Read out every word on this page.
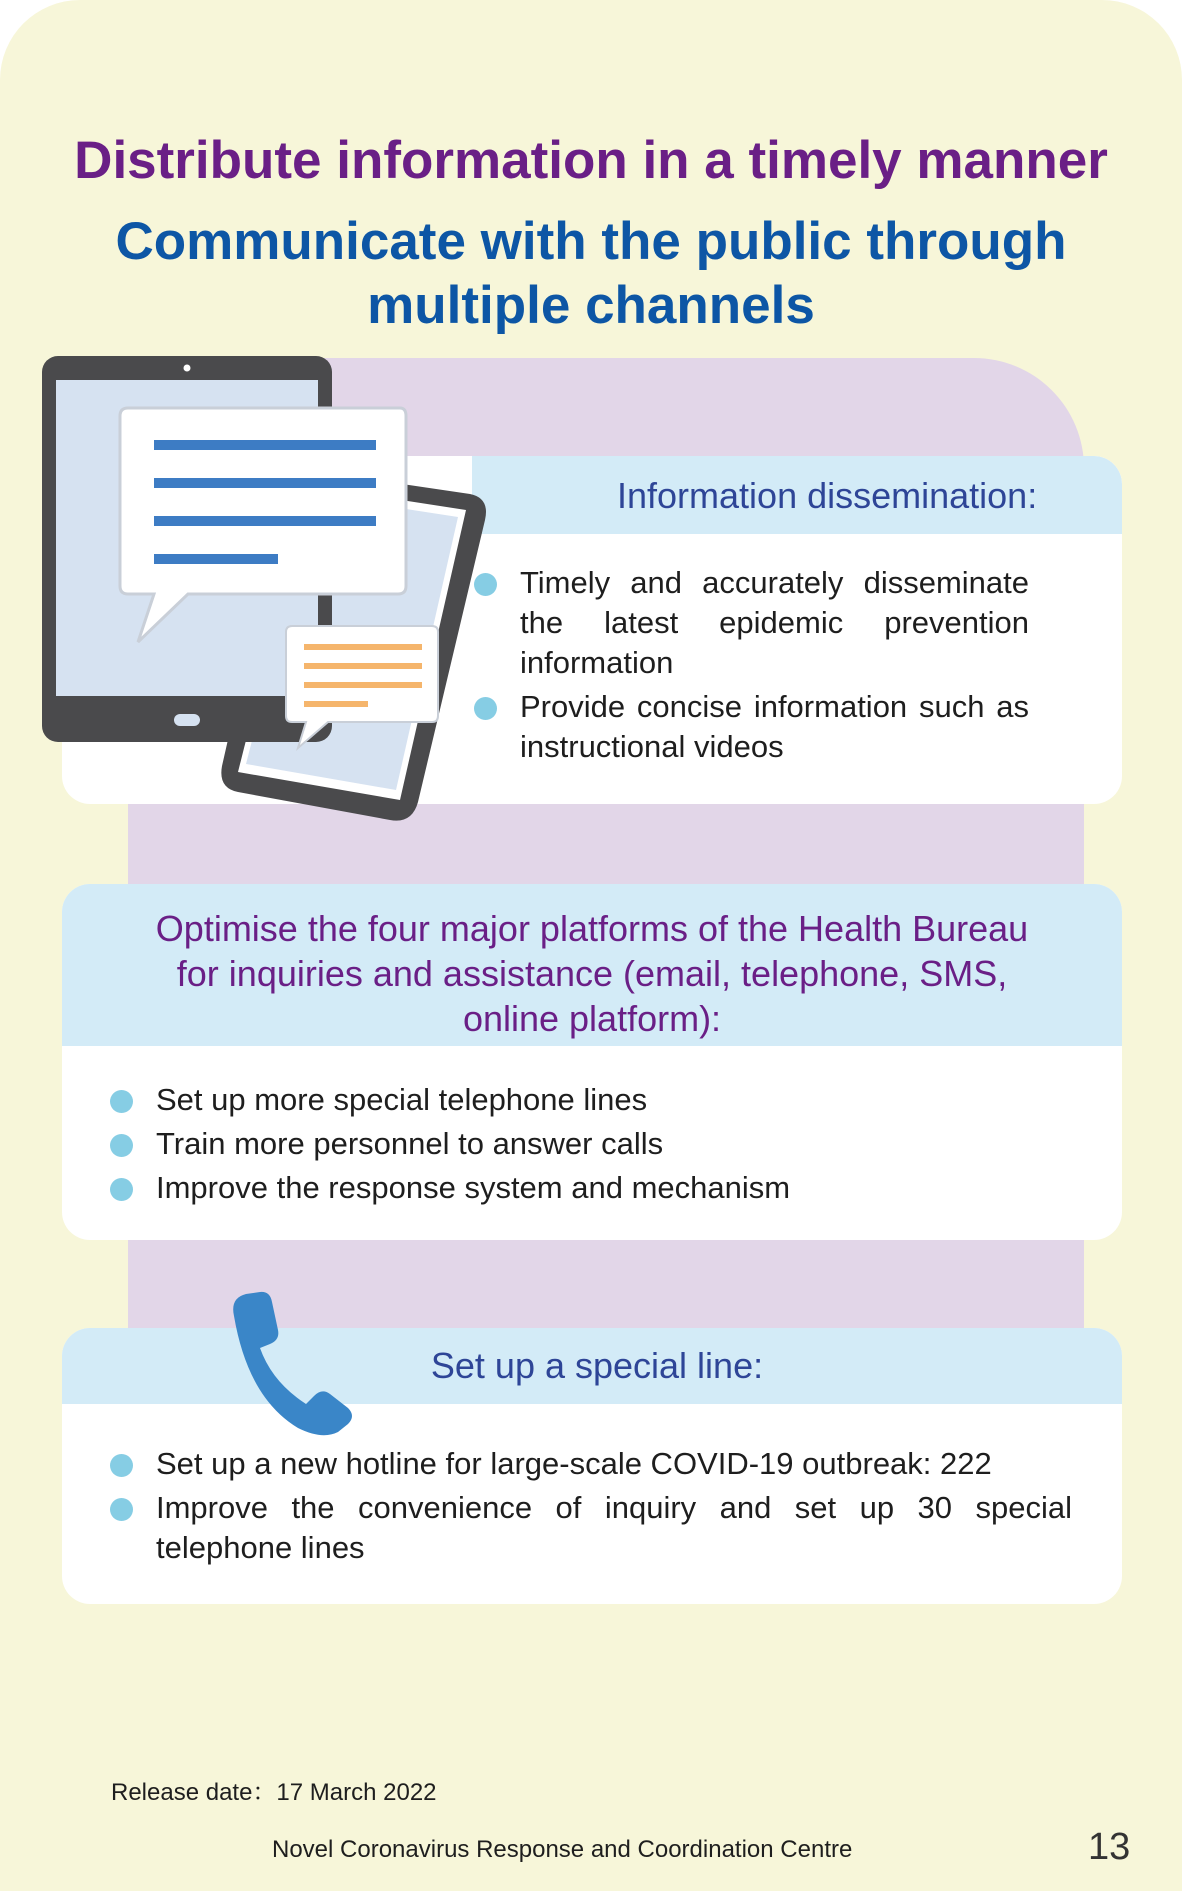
Distribute information in a timely manner
Communicate with the public through
multiple channels
Information dissemination:
Timely and accurately disseminate the latest epidemic prevention information
Provide concise information such as instructional videos
Optimise the four major platforms of the Health Bureau
for inquiries and assistance (email, telephone, SMS,
online platform):
Set up more special telephone lines
Train more personnel to answer calls
Improve the response system and mechanism
Set up a special line:
Set up a new hotline for large-scale COVID-19 outbreak: 222
Improve the convenience of inquiry and set up 30 special telephone lines
Release date：17 March 2022
Novel Coronavirus Response and Coordination Centre	13
